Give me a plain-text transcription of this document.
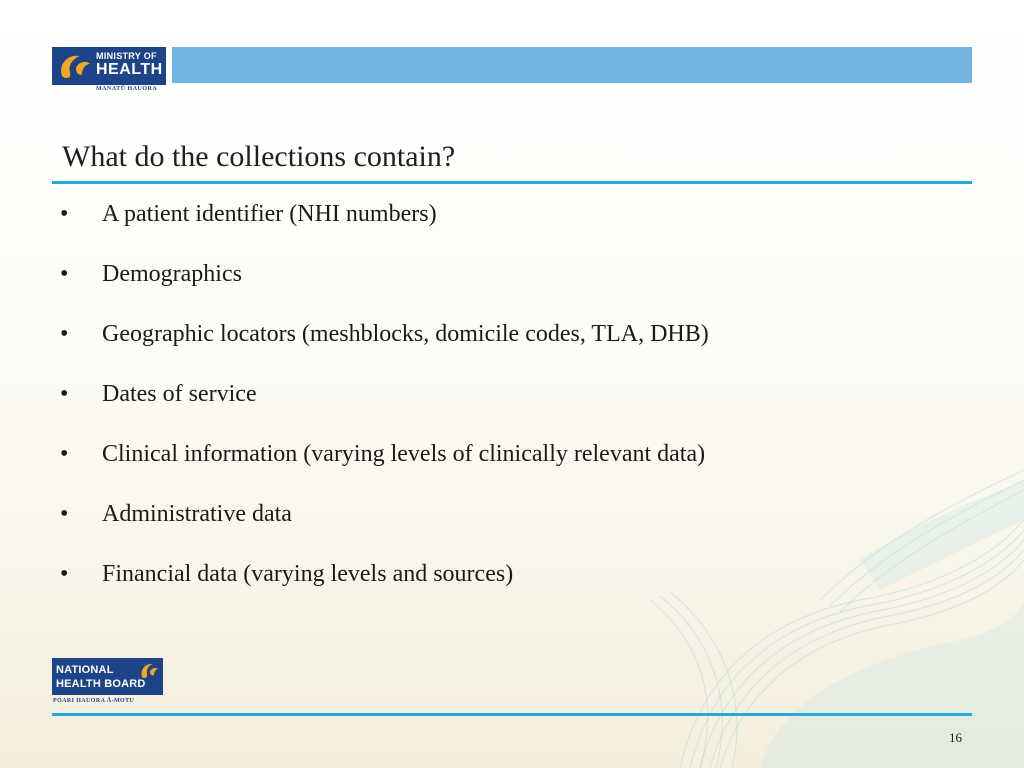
MINISTRY OF
HEALTH
MANATŪ HAUORA
What do the collections contain?
•	A patient identifier (NHI numbers)
•	Demographics
•	Geographic locators (meshblocks, domicile codes, TLA, DHB)
•	Dates of service
•	Clinical information (varying levels of clinically relevant data)
•	Administrative data
•	Financial data (varying levels and sources)
NATIONAL
HEALTH BOARD
POARI HAUORA Ā-MOTU
16
